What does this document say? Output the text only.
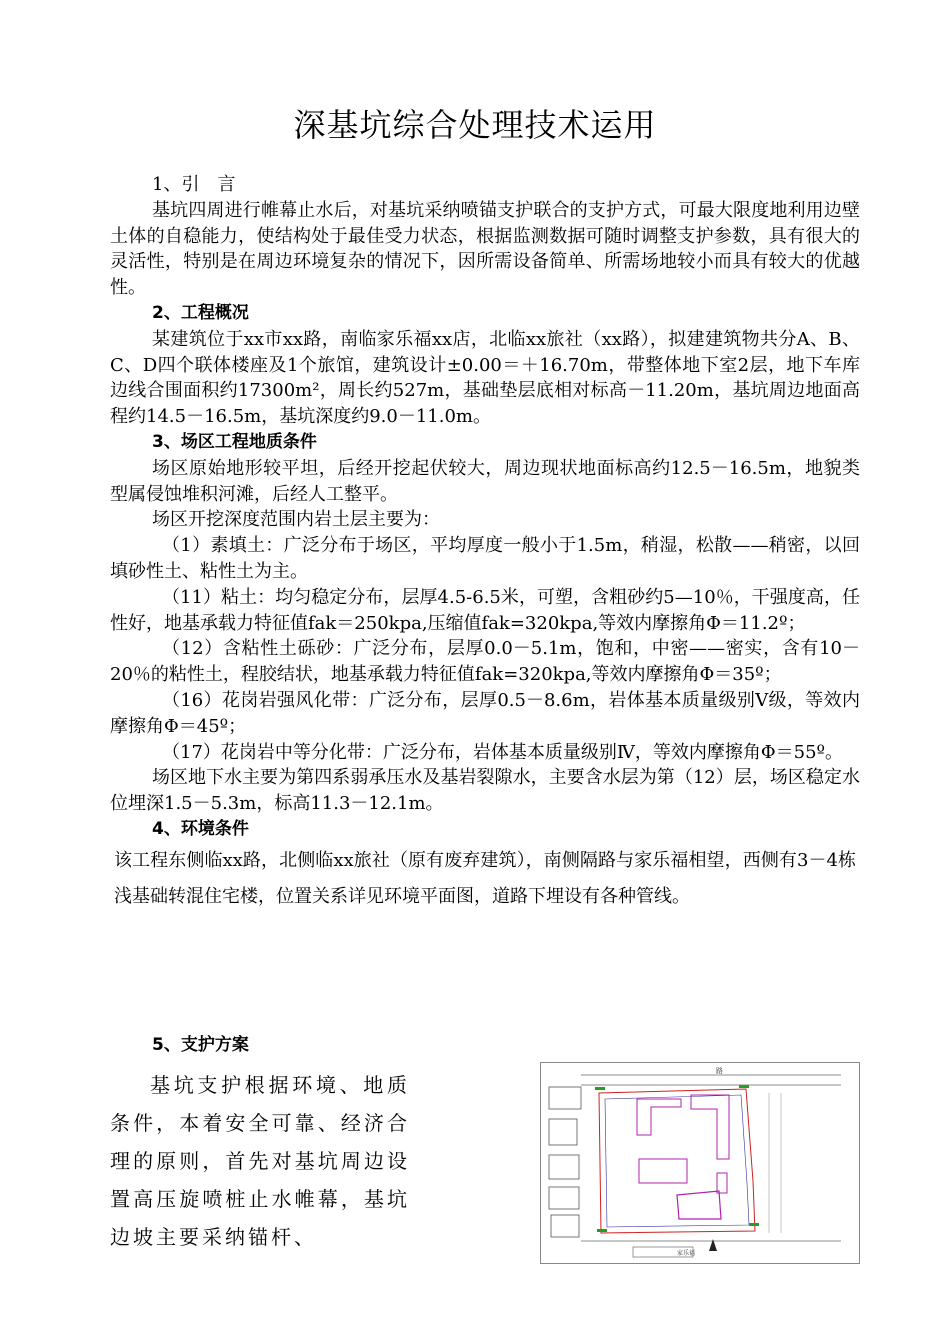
深基坑综合处理技术运用

1、引　言

基坑四周进行帷幕止水后，对基坑采纳喷锚支护联合的支护方式，可最大限度地利用边壁土体的自稳能力，使结构处于最佳受力状态，根据监测数据可随时调整支护参数，具有很大的灵活性，特别是在周边环境复杂的情况下，因所需设备简单、所需场地较小而具有较大的优越性。

2、工程概况

某建筑位于xx市xx路，南临家乐福xx店，北临xx旅社（xx路），拟建建筑物共分A、B、C、D四个联体楼座及1个旅馆，建筑设计±0.00＝＋16.70m，带整体地下室2层，地下车库边线合围面积约17300m²，周长约527m，基础垫层底相对标高－11.20m，基坑周边地面高程约14.5－16.5m，基坑深度约9.0－11.0m。

3、场区工程地质条件

场区原始地形较平坦，后经开挖起伏较大，周边现状地面标高约12.5－16.5m，地貌类型属侵蚀堆积河滩，后经人工整平。

场区开挖深度范围内岩土层主要为：

（1）素填土：广泛分布于场区，平均厚度一般小于1.5m，稍湿，松散——稍密，以回填砂性土、粘性土为主。

（11）粘土：均匀稳定分布，层厚4.5-6.5米，可塑，含粗砂约5—10％，干强度高，任性好，地基承载力特征值fak＝250kpa,压缩值fak=320kpa,等效内摩擦角Φ＝11.2º；

（12）含粘性土砾砂：广泛分布，层厚0.0－5.1m，饱和，中密——密实，含有10－20％的粘性土，程胶结状，地基承载力特征值fak=320kpa,等效内摩擦角Φ＝35º；

（16）花岗岩强风化带：广泛分布，层厚0.5－8.6m，岩体基本质量级别Ⅴ级，等效内摩擦角Φ＝45º；

（17）花岗岩中等分化带：广泛分布，岩体基本质量级别Ⅳ，等效内摩擦角Φ＝55º。

场区地下水主要为第四系弱承压水及基岩裂隙水，主要含水层为第（12）层，场区稳定水位埋深1.5－5.3m，标高11.3－12.1m。

4、环境条件

该工程东侧临xx路，北侧临xx旅社（原有废弃建筑），南侧隔路与家乐福相望，西侧有3－4栋浅基础转混住宅楼，位置关系详见环境平面图，道路下埋设有各种管线。

5、支护方案

基坑支护根据环境、地质条件，本着安全可靠、经济合理的原则，首先对基坑周边设置高压旋喷桩止水帷幕，基坑边坡主要采纳锚杆、

路
家乐福
